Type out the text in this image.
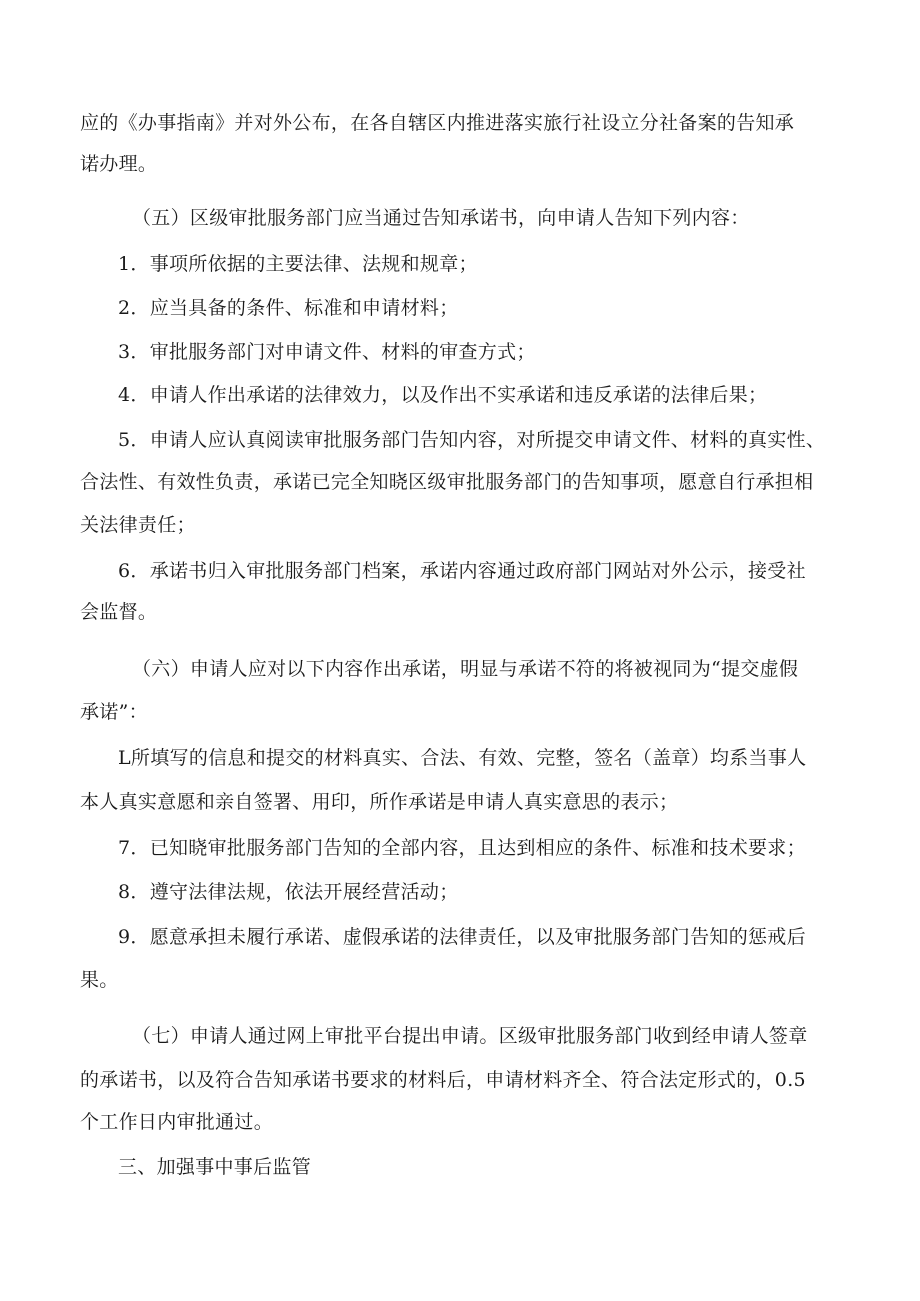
应的《办事指南》并对外公布，在各自辖区内推进落实旅行社设立分社备案的告知承

诺办理。

（五）区级审批服务部门应当通过告知承诺书，向申请人告知下列内容：

1．事项所依据的主要法律、法规和规章；

2．应当具备的条件、标准和申请材料；

3．审批服务部门对申请文件、材料的审查方式；

4．申请人作出承诺的法律效力，以及作出不实承诺和违反承诺的法律后果；

5．申请人应认真阅读审批服务部门告知内容，对所提交申请文件、材料的真实性、

合法性、有效性负责，承诺已完全知晓区级审批服务部门的告知事项，愿意自行承担相

关法律责任；

6．承诺书归入审批服务部门档案，承诺内容通过政府部门网站对外公示，接受社

会监督。

（六）申请人应对以下内容作出承诺，明显与承诺不符的将被视同为“提交虚假

承诺”：

L所填写的信息和提交的材料真实、合法、有效、完整，签名（盖章）均系当事人

本人真实意愿和亲自签署、用印，所作承诺是申请人真实意思的表示；

7．已知晓审批服务部门告知的全部内容，且达到相应的条件、标准和技术要求；

8．遵守法律法规，依法开展经营活动；

9．愿意承担未履行承诺、虚假承诺的法律责任，以及审批服务部门告知的惩戒后

果。

（七）申请人通过网上审批平台提出申请。区级审批服务部门收到经申请人签章

的承诺书，以及符合告知承诺书要求的材料后，申请材料齐全、符合法定形式的，0.5

个工作日内审批通过。

三、加强事中事后监管
